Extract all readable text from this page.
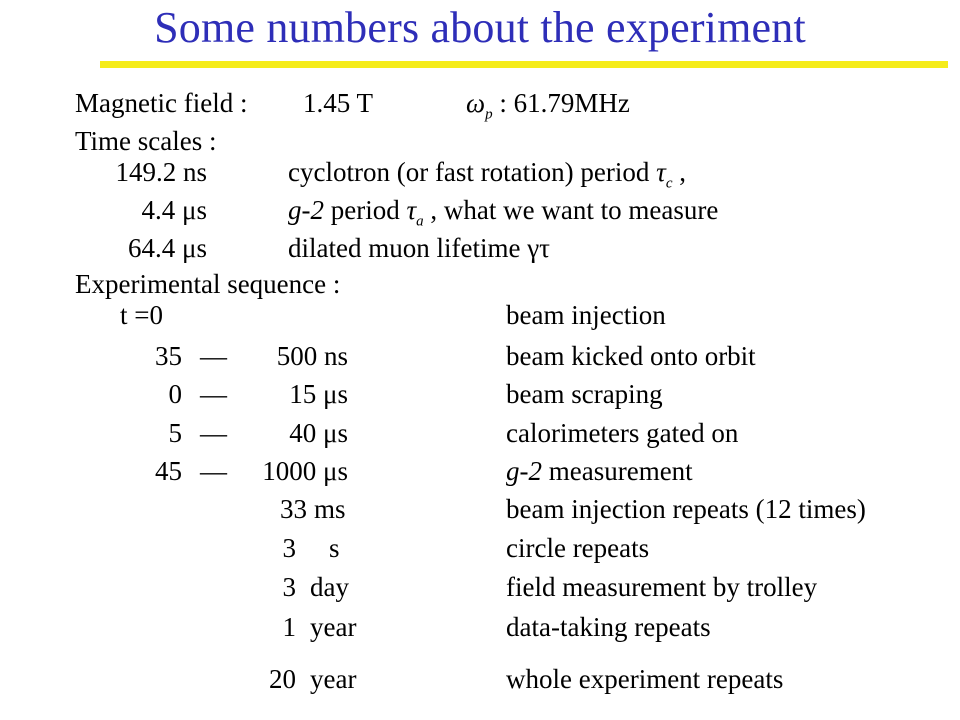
Some numbers about the experiment
Magnetic field : 1.45 T	$\omega_p$ : 61.79MHz
Time scales :
149.2 ns	cyclotron (or fast rotation) period $\tau_c$ ,
4.4 μs	g-2 period $\tau_a$ , what we want to measure
64.4 μs	dilated muon lifetime γτ
Experimental sequence :
t =0	beam injection
35 —	500 ns	beam kicked onto orbit
0 —	15 μs	beam scraping
5 —	40 μs	calorimeters gated on
45 —	1000 μs	g-2 measurement
33 ms	beam injection repeats (12 times)
3 s	circle repeats
3 day	field measurement by trolley
1 year	data-taking repeats
20 year	whole experiment repeats
